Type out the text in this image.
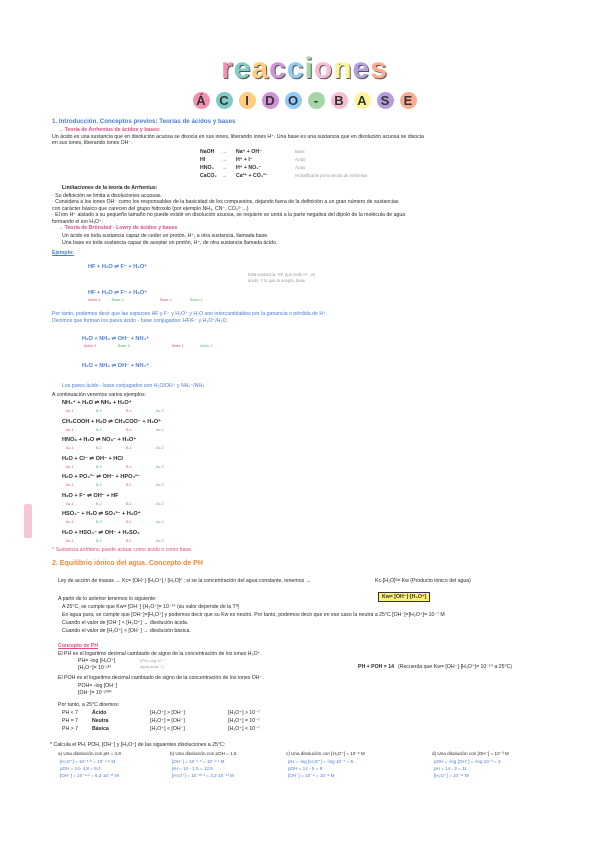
reacciones
Á C I D O - B A S E
1. Introducción. Conceptos previos: Teorías de ácidos y bases
→ Teoría de Arrhenius de ácidos y bases:
Un ácido es una sustancia que en disolución acuosa se disocia en sus iones, liberando iones H⁺. Una base es una sustancia que en disolución acuosa se disocia
en sus iones, liberando iones OH⁻.
NaOH → Na⁺ + OH⁻	Base
HI	→ H⁺ + I⁻	Ácido
HNO₃ → H⁺ + NO₃⁻	Ácido
CaCO₃ → Ca²⁺ + CO₃²⁻	Inclasificable por la teoría de Arrhenius
Limitaciones de la teoría de Arrhenius:
· Su definición se limita a disoluciones acuosas.
· Considera a los iones OH⁻ como los responsables de la basicidad de los compuestos, dejando fuera de la definición a un gran número de sustancias
con carácter básico que carecen del grupo hidroxilo (por ejemplo NH₃, CN⁻, CO₃²⁻...)
· El ion H⁺ aislado a su pequeño tamaño no puede existir en disolución acuosa, se requiere se unirá a la parte negativa del dipolo de la molécula de agua
formando el ion H₃O⁺.
→ Teoría de Brönsted - Lowry de ácidos y bases
Un ácido es toda sustancia capaz de ceder un protón, H⁺, a otra sustancia, llamada base.
Una base es toda sustancia capaz de aceptar un protón, H⁺, de otra sustancia llamada ácido.
Ejemplo:
HF + H₂O ⇌ F⁻ + H₃O⁺
Esta sustancia, HF, que cede H⁺, es
ácido. Y la que lo acepta, base
HF + H₂O ⇌ F⁻ + H₃O⁺
Ácido 1	Base 2	Base 1	Ácido 2
Por tanto, podemos decir que las especies HF y F⁻ y H₃O⁺ y H₂O son intercambiables por la ganancia o pérdida de H⁺.
Decimos que forman los pares ácido - base conjugados: HF/F⁻ y H₃O⁺/H₂O.
H₂O + NH₃ ⇌ OH⁻ + NH₄⁺
H₂O + NH₃ ⇌ OH⁻ + NH₄⁺
Ácido 1	Base 2	Base 1	Ácido 2
Los pares ácido - base conjugados son H₂O/OH⁻ y NH₄⁺/NH₃
A continuación veremos varios ejemplos:
NH₄⁺ + H₂O ⇌ NH₃ + H₃O⁺
Ac.1	B.2	B.1	Ac.2
CH₃COOH + H₂O ⇌ CH₃COO⁻ + H₃O⁺
Ac.1	B.2	B.1	Ac.2
HNO₃ + H₂O ⇌ NO₃⁻ + H₃O⁺
Ac.1	B.2	B.1	Ac.2
H₂O + Cl⁻ ⇌ OH⁻ + HCl
Ac.1	B.2	B.1	Ac.2
H₂O + PO₄³⁻ ⇌ OH⁻ + HPO₄²⁻
Ac.1	B.2	B.1	Ac.2
H₂O + F⁻ ⇌ OH⁻ + HF
Ac.1	B.2	B.1	Ac.2
HSO₄⁻ + H₂O ⇌ SO₄²⁻ + H₃O⁺
Ac.1	B.2	B.1	Ac.2
H₂O + HSO₄⁻ ⇌ OH⁻ + H₂SO₄
Ac.1	B.2	B.1	Ac.2
* Sustancia anfótera: puede actuar como ácido o como base.
2. Equilibrio iónico del agua. Concepto de PH
Ley de acción de masas → Kc= [OH⁻]·[H₃O⁺] / [H₂O]² ; si se la concentración del agua constante, tenemos →	Kc·[H₂O]²= Kw (Producto iónico del agua)
Kw= [OH⁻]·[H₃O⁺]
A partir de lo anterior tenemos lo siguiente:
A 25°C, se cumple que Kw= [OH⁻]·[H₃O⁺]= 10⁻¹⁴ (su valor depende de la Tª)
En agua pura, se cumple que [OH⁻]=[H₃O⁺] y podemos decir que su Kw es neutro. Por tanto, podemos decir que en ese caso la neutra a 25°C [OH⁻]=[H₃O⁺]= 10⁻⁷ M
Cuando el valor de [OH⁻] < [H₃O⁺] → disolución ácida.
Cuando el valor de [H₃O⁺] < [OH⁻] → disolución básica.
Concepto de PH
El PH es el logaritmo decimal cambiado de signo de la concentración de los iones H₃O⁺.
PH= -log [H₃O⁺]
[H₃O⁺]= 10⁻ᵖᴴ
(PH=-log 10⁻⁷
agua pura: 7)	PH + POH = 14 (Recuerda que Kw= [OH⁻]·[H₃O⁺]= 10⁻¹⁴ a 25°C)
El POH es el logaritmo decimal cambiado de signo de la concentración de los iones OH⁻.
POH= -log [OH⁻]
[OH⁻]= 10⁻ᵖᴼᴴ
Por tanto, a 25°C diremos:
PH < 7	Ácido	[H₃O⁺] > [OH⁻]	[H₃O⁺] > 10⁻⁷
PH = 7	Neutra	[H₃O⁺] = [OH⁻]	[H₃O⁺] = 10⁻⁷
PH > 7	Básica	[H₃O⁺] < [OH⁻]	[H₃O⁺] < 10⁻⁷
* Calcula el PH, POH, [OH⁻] y [H₃O⁺] de las siguientes disoluciones a 25°C:
a) Una disolución con pH = 4,8
[H₃O⁺] = 10⁻⁴·⁸ = 10⁻⁴·⁸ M
pOH = 14- 4,8 = 9,2
[OH⁻] = 10⁻⁹·² = 6,3·10⁻¹⁰ M
b) Una disolución con pOH = 1,5
[OH⁻] = 10⁻¹·⁵ = 10⁻¹·⁵ M
pH = 14 - 1,5 = 12,5
[H₃O⁺] = 10⁻¹²·⁵ = 3,2·10⁻¹³ M
c) Una disolución con [H₃O⁺] = 10⁻⁵ M
pH = -log [H₃O⁺] = -log 10⁻⁵ = 5
pOH = 14 - 5 = 9
[OH⁻] = 10⁻⁹ = 10⁻⁹ M
d) Una disolución con [OH⁻] = 10⁻³ M
pOH = -log [OH⁻] = -log 10⁻³ = 3
pH = 14 - 3 = 11
[H₃O⁺] = 10⁻¹¹ M
